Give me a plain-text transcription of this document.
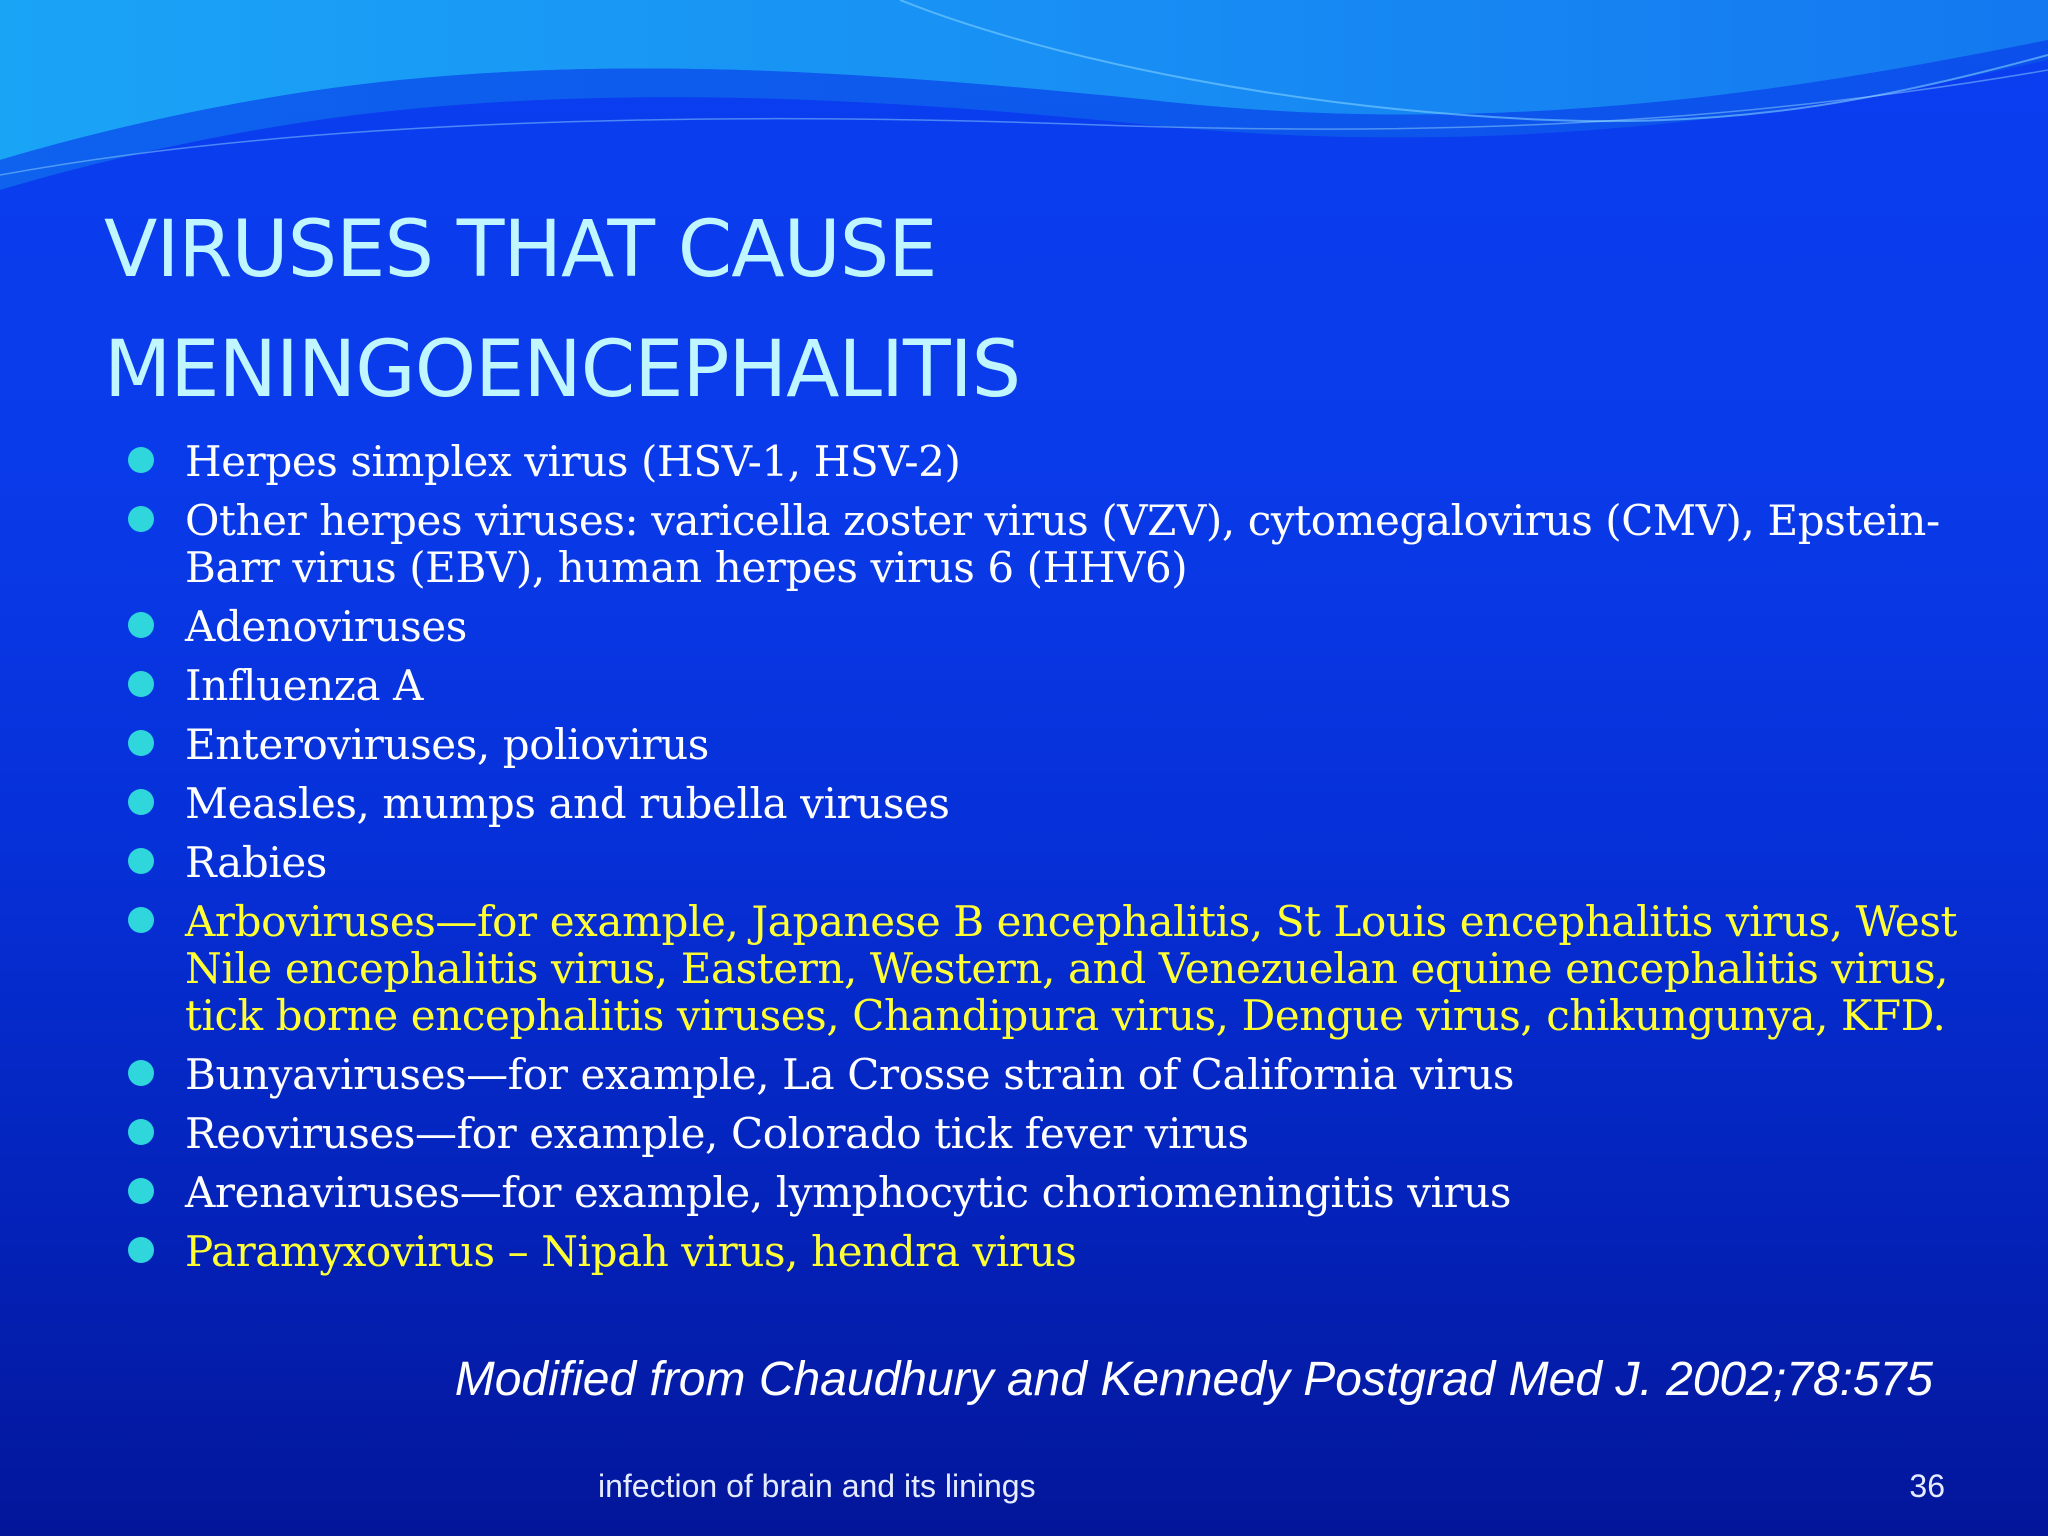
VIRUSES THAT CAUSE
MENINGOENCEPHALITIS
Herpes simplex virus (HSV-1, HSV-2)
Other herpes viruses: varicella zoster virus (VZV), cytomegalovirus (CMV), Epstein-Barr virus (EBV), human herpes virus 6 (HHV6)
Adenoviruses
Influenza A
Enteroviruses, poliovirus
Measles, mumps and rubella viruses
Rabies
Arboviruses—for example, Japanese B encephalitis, St Louis encephalitis virus, West Nile encephalitis virus, Eastern, Western, and Venezuelan equine encephalitis virus, tick borne encephalitis viruses, Chandipura virus, Dengue virus, chikungunya, KFD.
Bunyaviruses—for example, La Crosse strain of California virus
Reoviruses—for example, Colorado tick fever virus
Arenaviruses—for example, lymphocytic choriomeningitis virus
Paramyxovirus – Nipah virus, hendra virus

Modified from Chaudhury and Kennedy Postgrad Med J. 2002;78:575

infection of brain and its linings	36
